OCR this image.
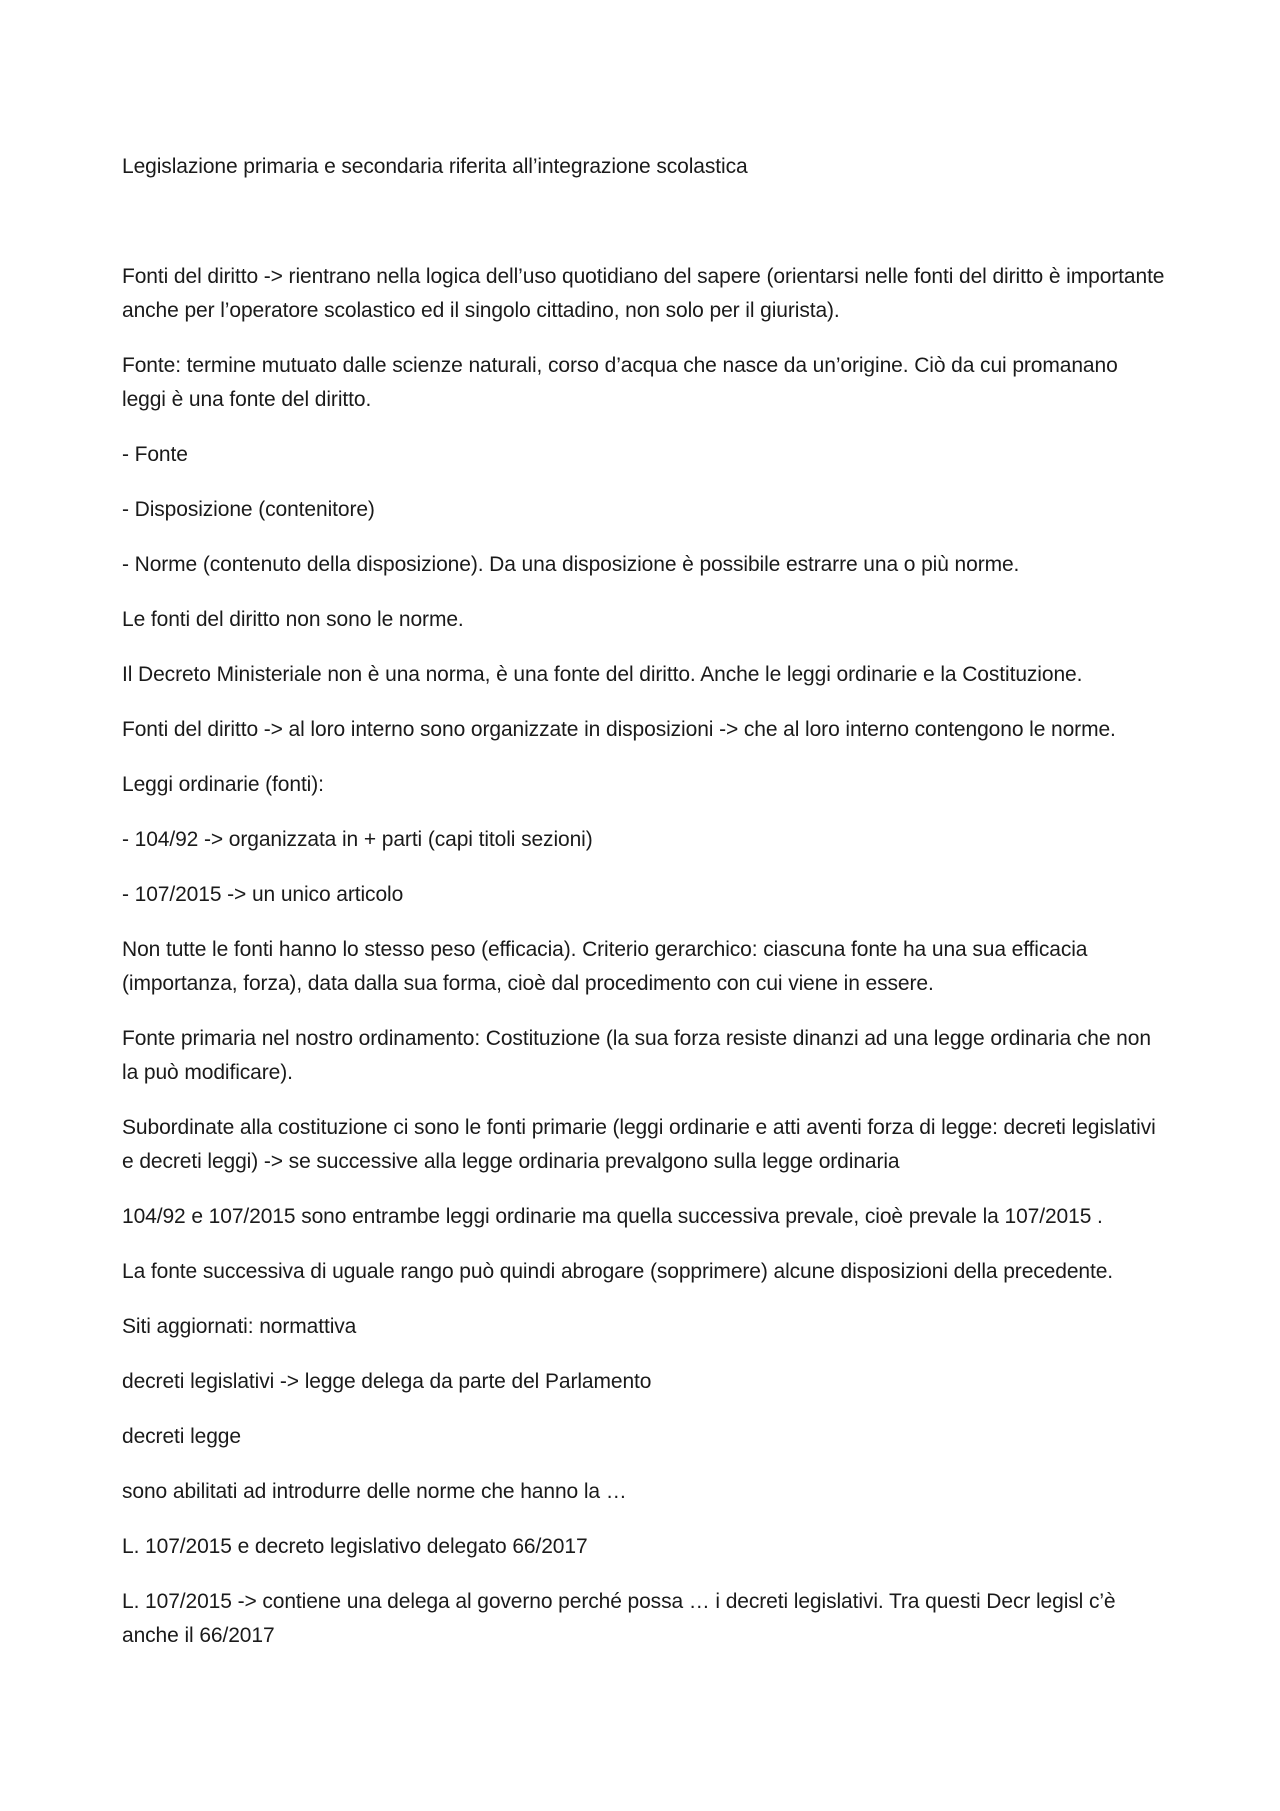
Legislazione primaria e secondaria riferita all’integrazione scolastica

Fonti del diritto -> rientrano nella logica dell’uso quotidiano del sapere (orientarsi nelle fonti del diritto è importante anche per l’operatore scolastico ed il singolo cittadino, non solo per il giurista).

Fonte: termine mutuato dalle scienze naturali, corso d’acqua che nasce da un’origine. Ciò da cui promanano leggi è una fonte del diritto.

- Fonte

- Disposizione (contenitore)

- Norme (contenuto della disposizione). Da una disposizione è possibile estrarre una o più norme.

Le fonti del diritto non sono le norme.

Il Decreto Ministeriale non è una norma, è una fonte del diritto. Anche le leggi ordinarie e la Costituzione.

Fonti del diritto -> al loro interno sono organizzate in disposizioni -> che al loro interno contengono le norme.

Leggi ordinarie (fonti):

- 104/92 -> organizzata in + parti (capi titoli sezioni)

- 107/2015 -> un unico articolo

Non tutte le fonti hanno lo stesso peso (efficacia). Criterio gerarchico: ciascuna fonte ha una sua efficacia (importanza, forza), data dalla sua forma, cioè dal procedimento con cui viene in essere.

Fonte primaria nel nostro ordinamento: Costituzione (la sua forza resiste dinanzi ad una legge ordinaria che non la può modificare).

Subordinate alla costituzione ci sono le fonti primarie (leggi ordinarie e atti aventi forza di legge: decreti legislativi e decreti leggi) -> se successive alla legge ordinaria prevalgono sulla legge ordinaria

104/92 e 107/2015 sono entrambe leggi ordinarie ma quella successiva prevale, cioè prevale la 107/2015 .

La fonte successiva di uguale rango può quindi abrogare (sopprimere) alcune disposizioni della precedente.

Siti aggiornati: normattiva

decreti legislativi -> legge delega da parte del Parlamento

decreti legge

sono abilitati ad introdurre delle norme che hanno la …

L. 107/2015 e decreto legislativo delegato 66/2017

L. 107/2015 -> contiene una delega al governo perché possa … i decreti legislativi. Tra questi Decr legisl c’è anche il 66/2017
